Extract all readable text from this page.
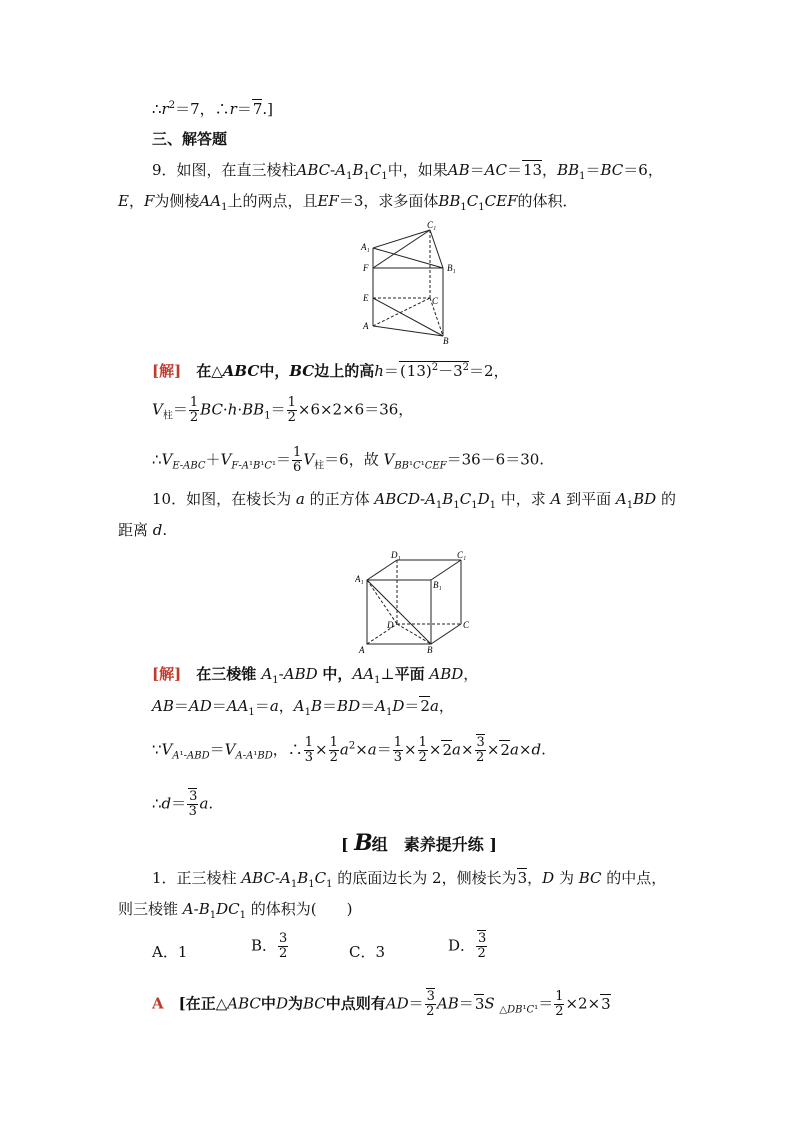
$\therefore r^2=7$，∴r＝7.]
三、解答题
9．如图，在直三棱柱ABC-$A_1B_1C_1$中，如果AB＝AC＝13，$BB_1=BC=6$，
E，F为侧棱$AA_1$上的两点，且EF＝3，求多面体$BB_1C_1CEF$的体积．
C₁
A₁
F	B₁
E	C
A
B
[解]　 在△ABC中，BC边上的高$h=(13)^2-3^2=2$，
$V_柱= \frac{1}{2} BC\cdot h\cdot BB_1= \frac{1}{2} \times 6\times 2\times 6=36$，
$\therefore V_{E-ABC}+V_{F-A^1B^1C^1}= \frac{1}{6} V_柱=6$，故 $V_{BB^1C^1CEF}=36-6=30$.
10．如图，在棱长为 a 的正方体 ABCD-$A_1B_1C_1D_1$ 中，求 A 到平面 $A_1BD$ 的
距离 d.
D₁	C₁
A₁
B₁
D	C
A	B
[解]　 在三棱锥 $A_1$-ABD 中，$AA_1\perp$平面 ABD，
$AB=AD=AA_1=a$，$A_1B=BD=A_1D=2a$，
$\because V_{A^1-ABD}=V_{A-A^1BD}$，∴ $\frac{1}{3} \times \frac{1}{2} a^2\times a= \frac{1}{3} \times \frac{1}{2} \times 2a\times \frac{3}{2} \times 2a\times d$.
∴d＝ $\frac{3}{3} a$.
[ B组　素养提升练 ]
1．正三棱柱 ABC-$A_1B_1C_1$ 的底面边长为 2，侧棱长为3，D 为 BC 的中点，
则三棱锥 $A-B_1DC_1$ 的体积为(　　)
A．1	B． $\frac{3}{2}$	C．3	D． $\frac{3}{2}$
A　 [在正△ABC中D为BC中点则有$AD= \frac{3}{2} AB=3S$ $_{\triangle DB^1C^1}= \frac{1}{2} \times 2\times 3$
